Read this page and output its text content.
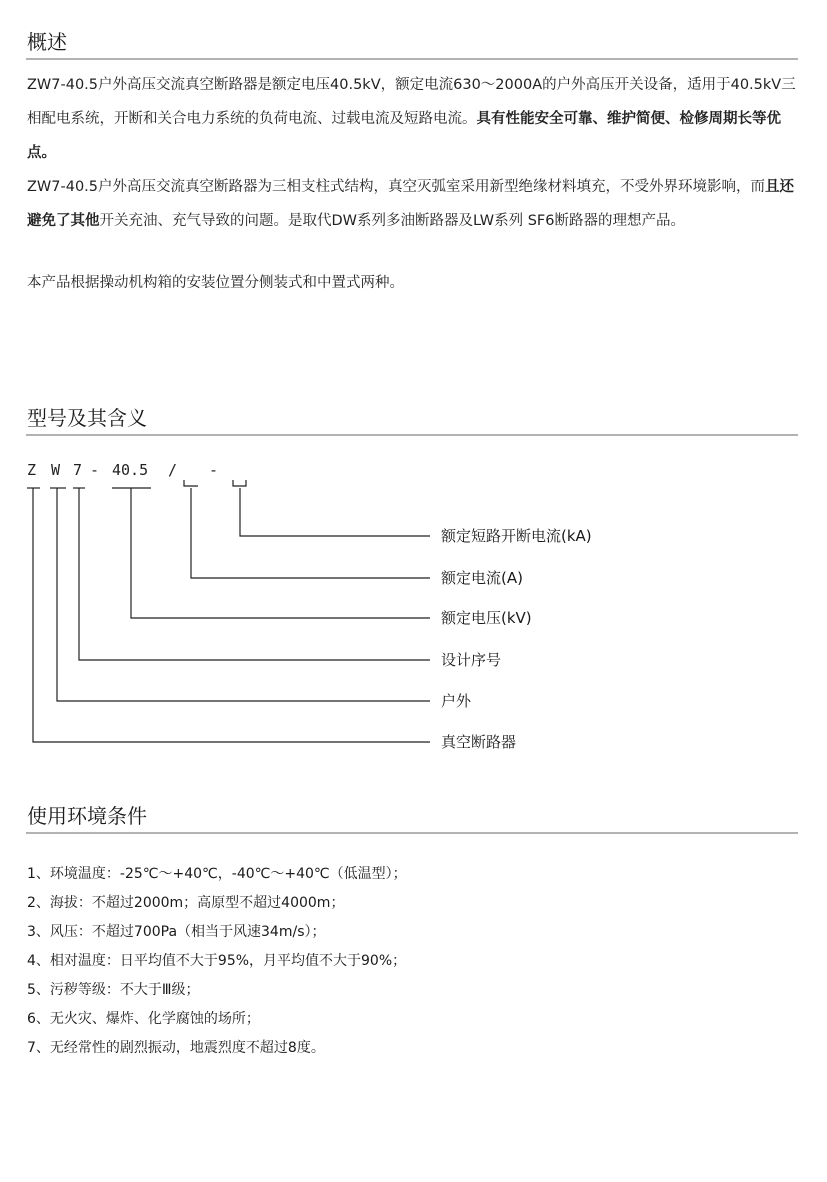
概述

ZW7-40.5户外高压交流真空断路器是额定电压40.5kV，额定电流630～2000A的户外高压开关设备，适用于40.5kV三相配电系统，开断和关合电力系统的负荷电流、过载电流及短路电流。具有性能安全可靠、维护简便、检修周期长等优点。

ZW7-40.5户外高压交流真空断路器为三相支柱式结构，真空灭弧室采用新型绝缘材料填充，不受外界环境影响，而且还避免了其他开关充油、充气导致的问题。是取代DW系列多油断路器及LW系列 SF6断路器的理想产品。

本产品根据操动机构箱的安装位置分侧装式和中置式两种。

型号及其含义
Z W 7 - 40.5 / -
额定短路开断电流(kA)
额定电流(A)
额定电压(kV)
设计序号
户外
真空断路器
使用环境条件
1、环境温度：-25℃～+40℃，-40℃～+40℃（低温型）；
2、海拔：不超过2000m；高原型不超过4000m；
3、风压：不超过700Pa（相当于风速34m/s）；
4、相对温度：日平均值不大于95%，月平均值不大于90%；
5、污秽等级：不大于Ⅲ级；
6、无火灾、爆炸、化学腐蚀的场所；
7、无经常性的剧烈振动，地震烈度不超过8度。
